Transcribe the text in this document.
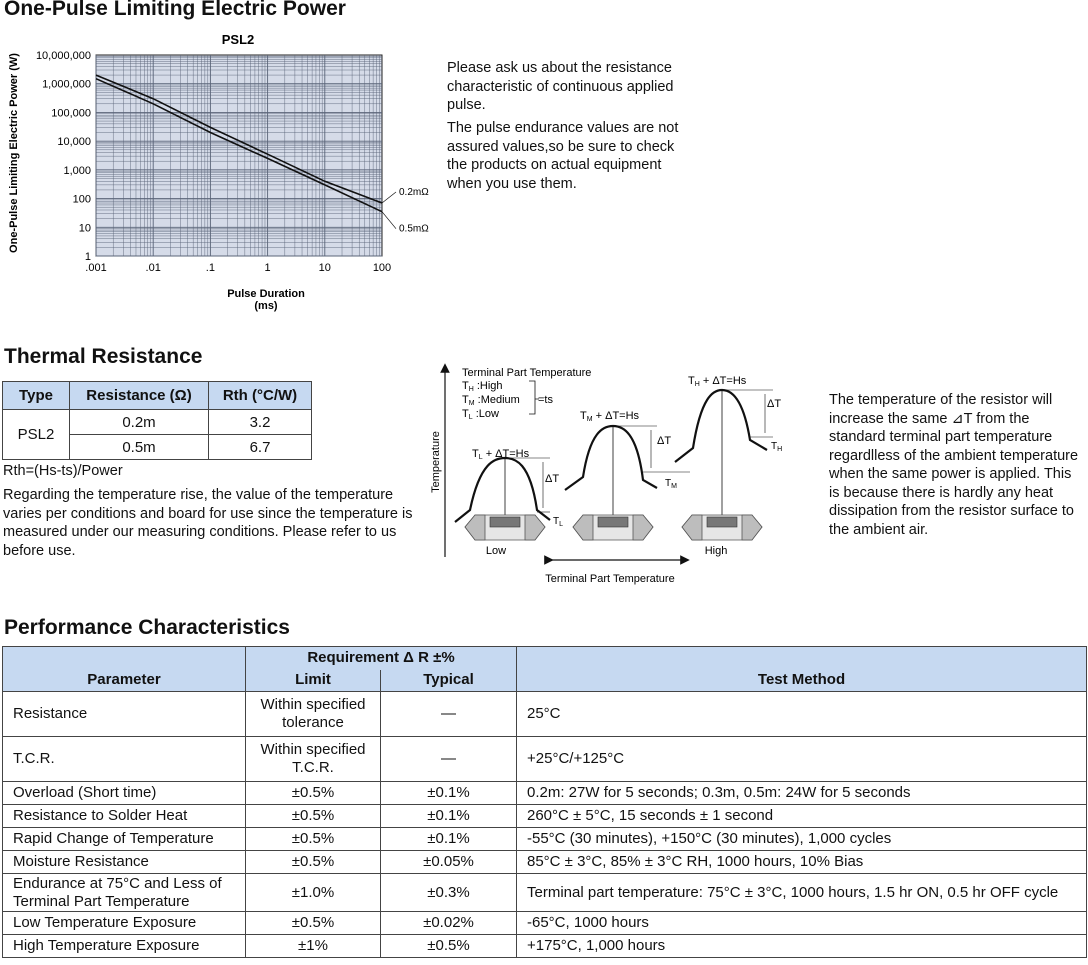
One-Pulse Limiting Electric Power
PSL2
1
10
100
1,000
10,000
100,000
1,000,000
10,000,000
.001	.01	.1	1	10	100
0.2mΩ
0.5mΩ
One-Pulse Limiting Electric Power (W)
Pulse Duration
(ms)
Please ask us about the resistance characteristic of continuous applied pulse.
The pulse endurance values are not assured values,so be sure to check the products on actual equipment when you use them.
Thermal Resistance
Type	Resistance (Ω)	Rth (°C/W)
PSL2	0.2m	3.2
	0.5m	6.7
Rth=(Hs-ts)/Power
Regarding the temperature rise, the value of the temperature varies per conditions and board for use since the temperature is measured under our measuring conditions. Please refer to us before use.
Temperature
Terminal Part Temperature
TH :High
TM :Medium
TL :Low
=ts
ΔT
$T_L$
TL + ΔT=Hs
ΔT
$T_M$
TM + ΔT=Hs
ΔT
$T_H$
TH + ΔT=Hs
Low	High
Terminal Part Temperature
The temperature of the resistor will increase the same ⊿T from the standard terminal part temperature regardlless of the ambient temperature when the same power is applied. This is because there is hardly any heat dissipation from the resistor surface to the ambient air.
Performance Characteristics
Parameter	Requirement Δ R ±%		Test Method
	Limit	Typical	
Resistance	Within specified tolerance	—	25°C
T.C.R.	Within specified T.C.R.	—	+25°C/+125°C
Overload (Short time)	±0.5%	±0.1%	0.2m: 27W for 5 seconds; 0.3m, 0.5m: 24W for 5 seconds
Resistance to Solder Heat	±0.5%	±0.1%	260°C ± 5°C, 15 seconds ± 1 second
Rapid Change of Temperature	±0.5%	±0.1%	-55°C (30 minutes), +150°C (30 minutes), 1,000 cycles
Moisture Resistance	±0.5%	±0.05%	85°C ± 3°C, 85% ± 3°C RH, 1000 hours, 10% Bias
Endurance at 75°C and Less of Terminal Part Temperature	±1.0%	±0.3%	Terminal part temperature: 75°C ± 3°C, 1000 hours, 1.5 hr ON, 0.5 hr OFF cycle
Low Temperature Exposure	±0.5%	±0.02%	-65°C, 1000 hours
High Temperature Exposure	±1%	±0.5%	+175°C, 1,000 hours
